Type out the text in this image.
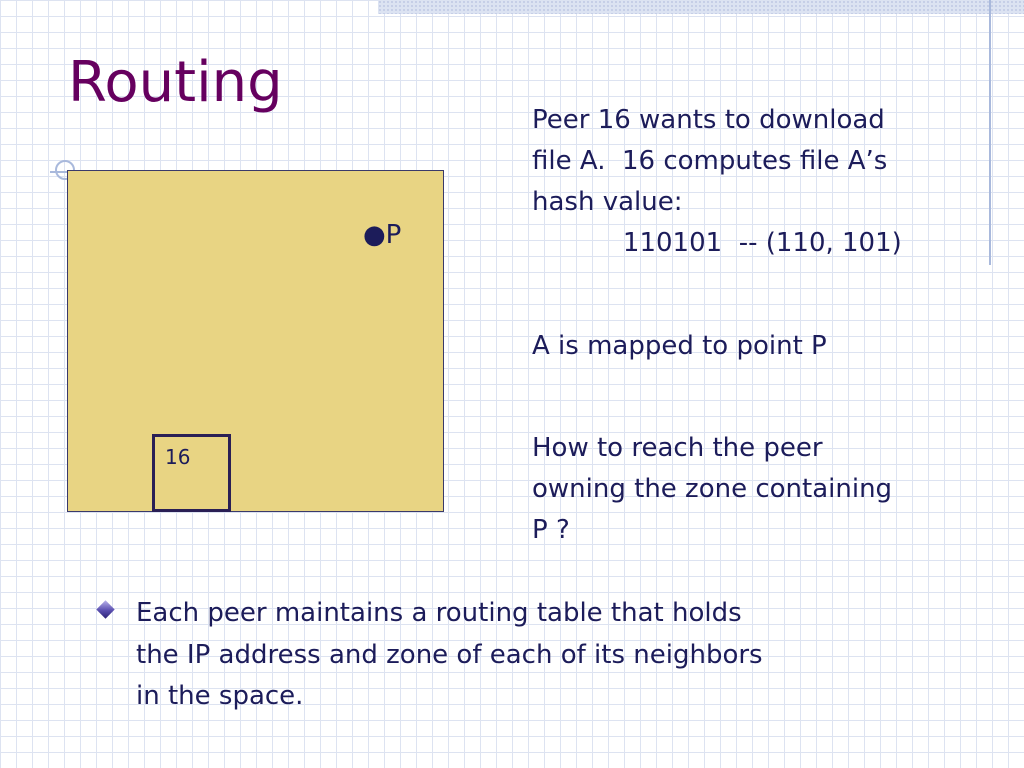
Routing
●P
16

Peer 16 wants to download
file A.  16 computes file A’s
hash value:
110101  -- (110, 101)

A is mapped to point P

How to reach the peer
owning the zone containing
P ?

Each peer maintains a routing table that holds
the IP address and zone of each of its neighbors
in the space.
